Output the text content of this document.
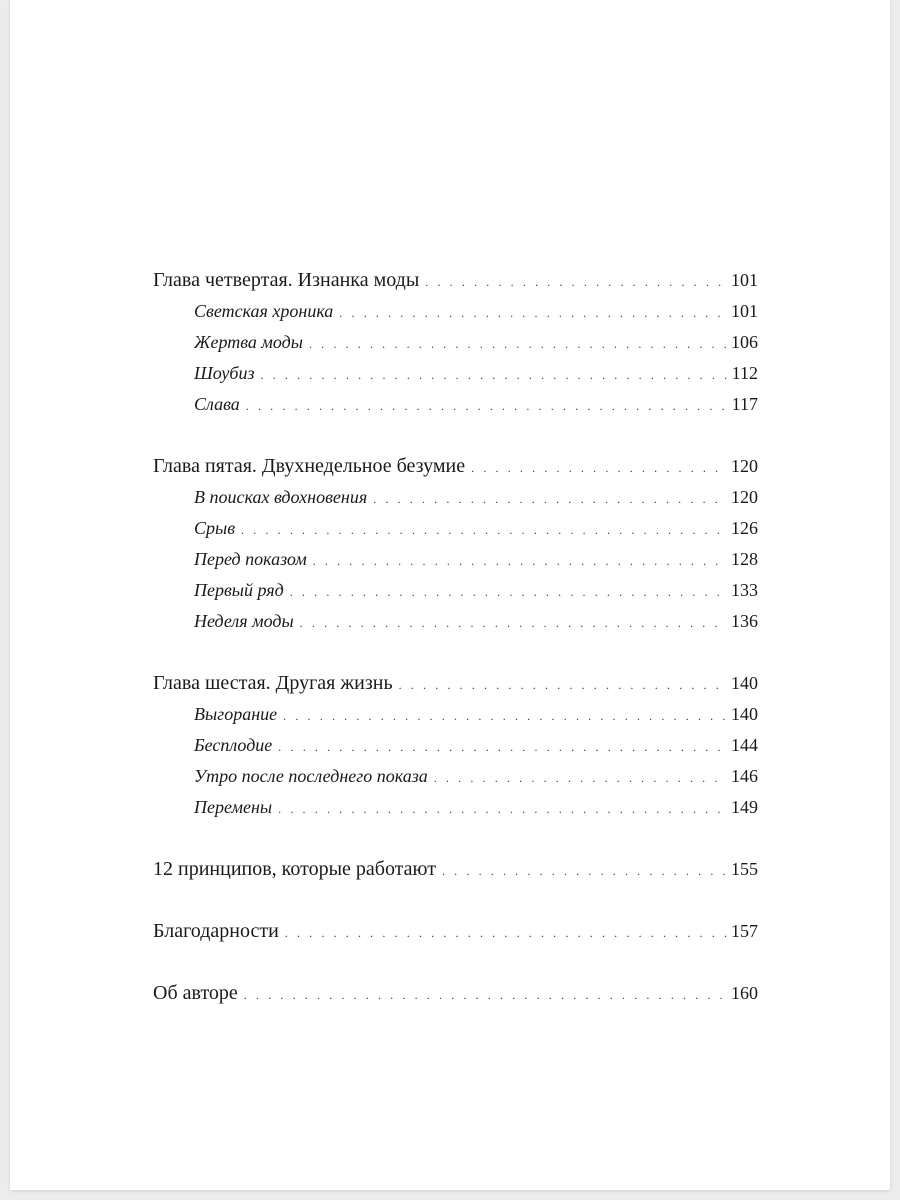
Глава четвертая. Изнанка моды . . .	101
Светская хроника . . .	101
Жертва моды . . .	106
Шоубиз . . .	112
Слава . . .	117
Глава пятая. Двухнедельное безумие . . .	120
В поисках вдохновения . . .	120
Срыв . . .	126
Перед показом . . .	128
Первый ряд . . .	133
Неделя моды . . .	136
Глава шестая. Другая жизнь . . .	140
Выгорание . . .	140
Бесплодие . . .	144
Утро после последнего показа . . .	146
Перемены . . .	149
12 принципов, которые работают . . .	155
Благодарности . . .	157
Об авторе . . .	160
